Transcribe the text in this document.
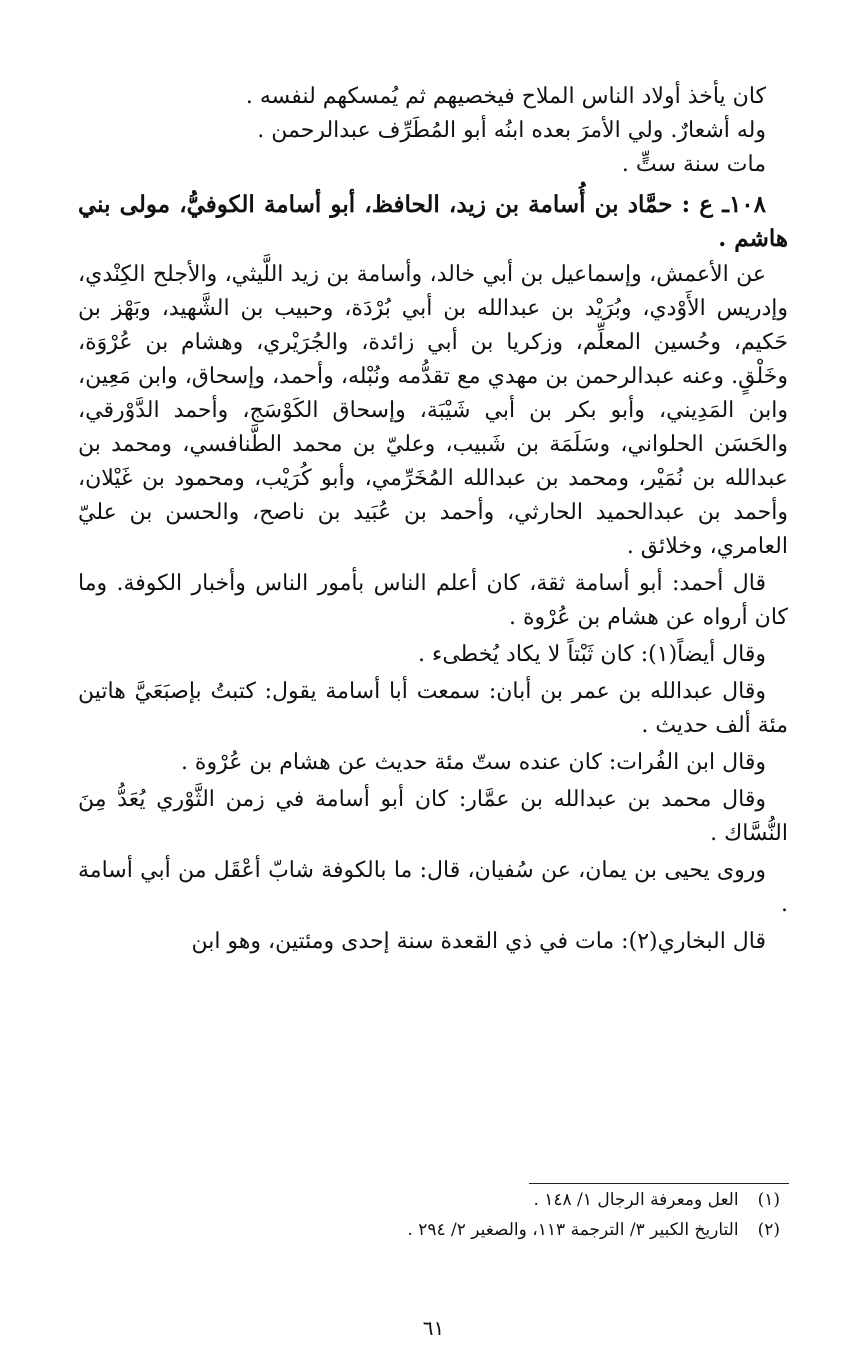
كان يأخذ أولاد الناس الملاح فيخصيهم ثم يُمسكهم لنفسه .

وله أشعارٌ. ولي الأمرَ بعده ابنُه أبو المُطَرِّف عبدالرحمن .

مات سنة ستٍّ .

١٠٨ـ ع : حمَّاد بن أُسامة بن زيد، الحافظ، أبو أسامة الكوفيُّ، مولى بني هاشم .

عن الأعمش، وإسماعيل بن أبي خالد، وأسامة بن زيد اللَّيثي، والأجلح الكِنْدي، وإدريس الأَوْدي، وبُرَيْد بن عبدالله بن أبي بُرْدَة، وحبيب بن الشَّهيد، وبَهْز بن حَكيم، وحُسين المعلِّم، وزكريا بن أبي زائدة، والجُرَيْري، وهشام بن عُرْوَة، وخَلْقٍ. وعنه عبدالرحمن بن مهدي مع تقدُّمه ونُبْله، وأحمد، وإسحاق، وابن مَعِين، وابن المَدِيني، وأبو بكر بن أبي شَيْبَة، وإسحاق الكَوْسَج، وأحمد الدَّوْرقي، والحَسَن الحلواني، وسَلَمَة بن شَبيب، وعليّ بن محمد الطَّنافسي، ومحمد بن عبدالله بن نُمَيْر، ومحمد بن عبدالله المُخَرِّمي، وأبو كُرَيْب، ومحمود بن غَيْلان، وأحمد بن عبدالحميد الحارثي، وأحمد بن عُبَيد بن ناصح، والحسن بن عليّ العامري، وخلائق .

قال أحمد: أبو أسامة ثقة، كان أعلم الناس بأمور الناس وأخبار الكوفة. وما كان أرواه عن هشام بن عُرْوة .

وقال أيضاً(١): كان ثَبْتاً لا يكاد يُخطىء .

وقال عبدالله بن عمر بن أبان: سمعت أبا أسامة يقول: كتبتُ بإصبَعَيَّ هاتين مئة ألف حديث .

وقال ابن الفُرات: كان عنده ستّ مئة حديث عن هشام بن عُرْوة .

وقال محمد بن عبدالله بن عمَّار: كان أبو أسامة في زمن الثَّوْري يُعَدُّ مِنَ النُّسَّاك .

وروى يحيى بن يمان، عن سُفيان، قال: ما بالكوفة شابّ أعْقَل من أبي أسامة .

قال البخاري(٢): مات في ذي القعدة سنة إحدى ومئتين، وهو ابن

(١) العل ومعرفة الرجال ١/ ١٤٨ .

(٢) التاريخ الكبير ٣/ الترجمة ١١٣، والصغير ٢/ ٢٩٤ .

٦١
